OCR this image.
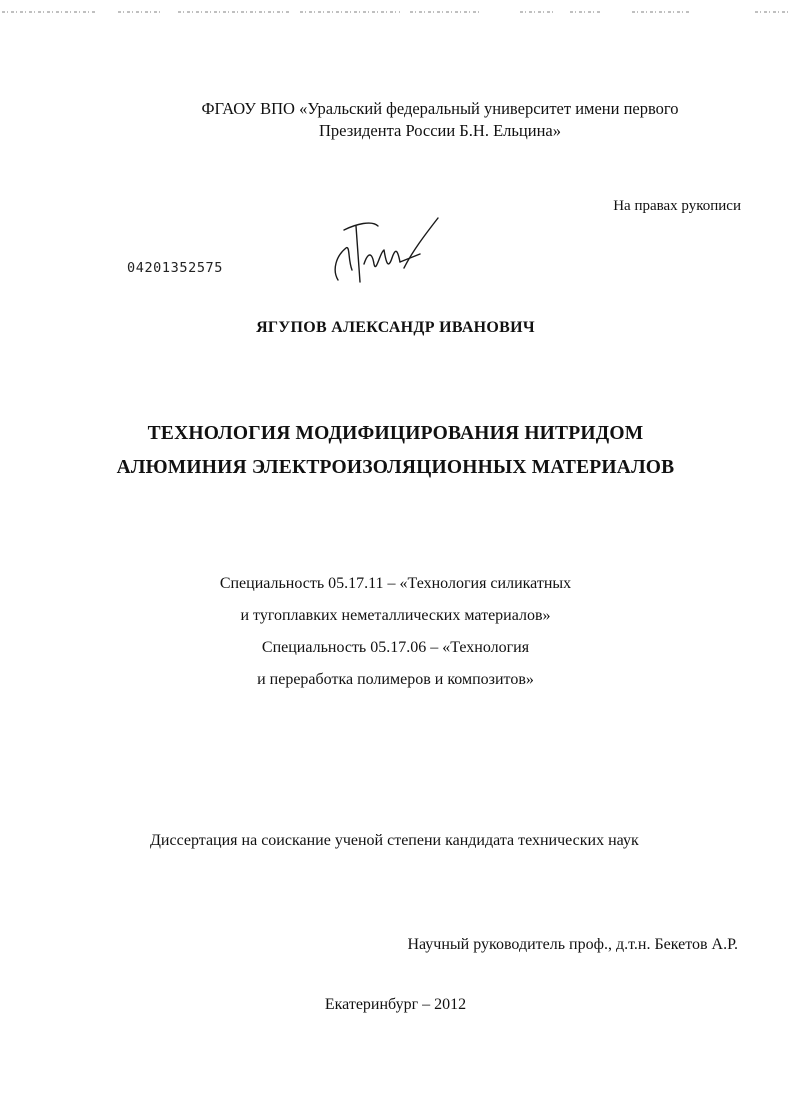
ФГАОУ ВПО «Уральский федеральный университет имени первого
Президента России Б.Н. Ельцина»
На правах рукописи
04201352575
ЯГУПОВ АЛЕКСАНДР ИВАНОВИЧ
ТЕХНОЛОГИЯ МОДИФИЦИРОВАНИЯ НИТРИДОМ
АЛЮМИНИЯ ЭЛЕКТРОИЗОЛЯЦИОННЫХ МАТЕРИАЛОВ
Специальность 05.17.11 – «Технология силикатных
и тугоплавких неметаллических материалов»
Специальность 05.17.06 – «Технология
и переработка полимеров и композитов»
Диссертация на соискание ученой степени кандидата технических наук
Научный руководитель проф., д.т.н. Бекетов А.Р.
Екатеринбург – 2012
